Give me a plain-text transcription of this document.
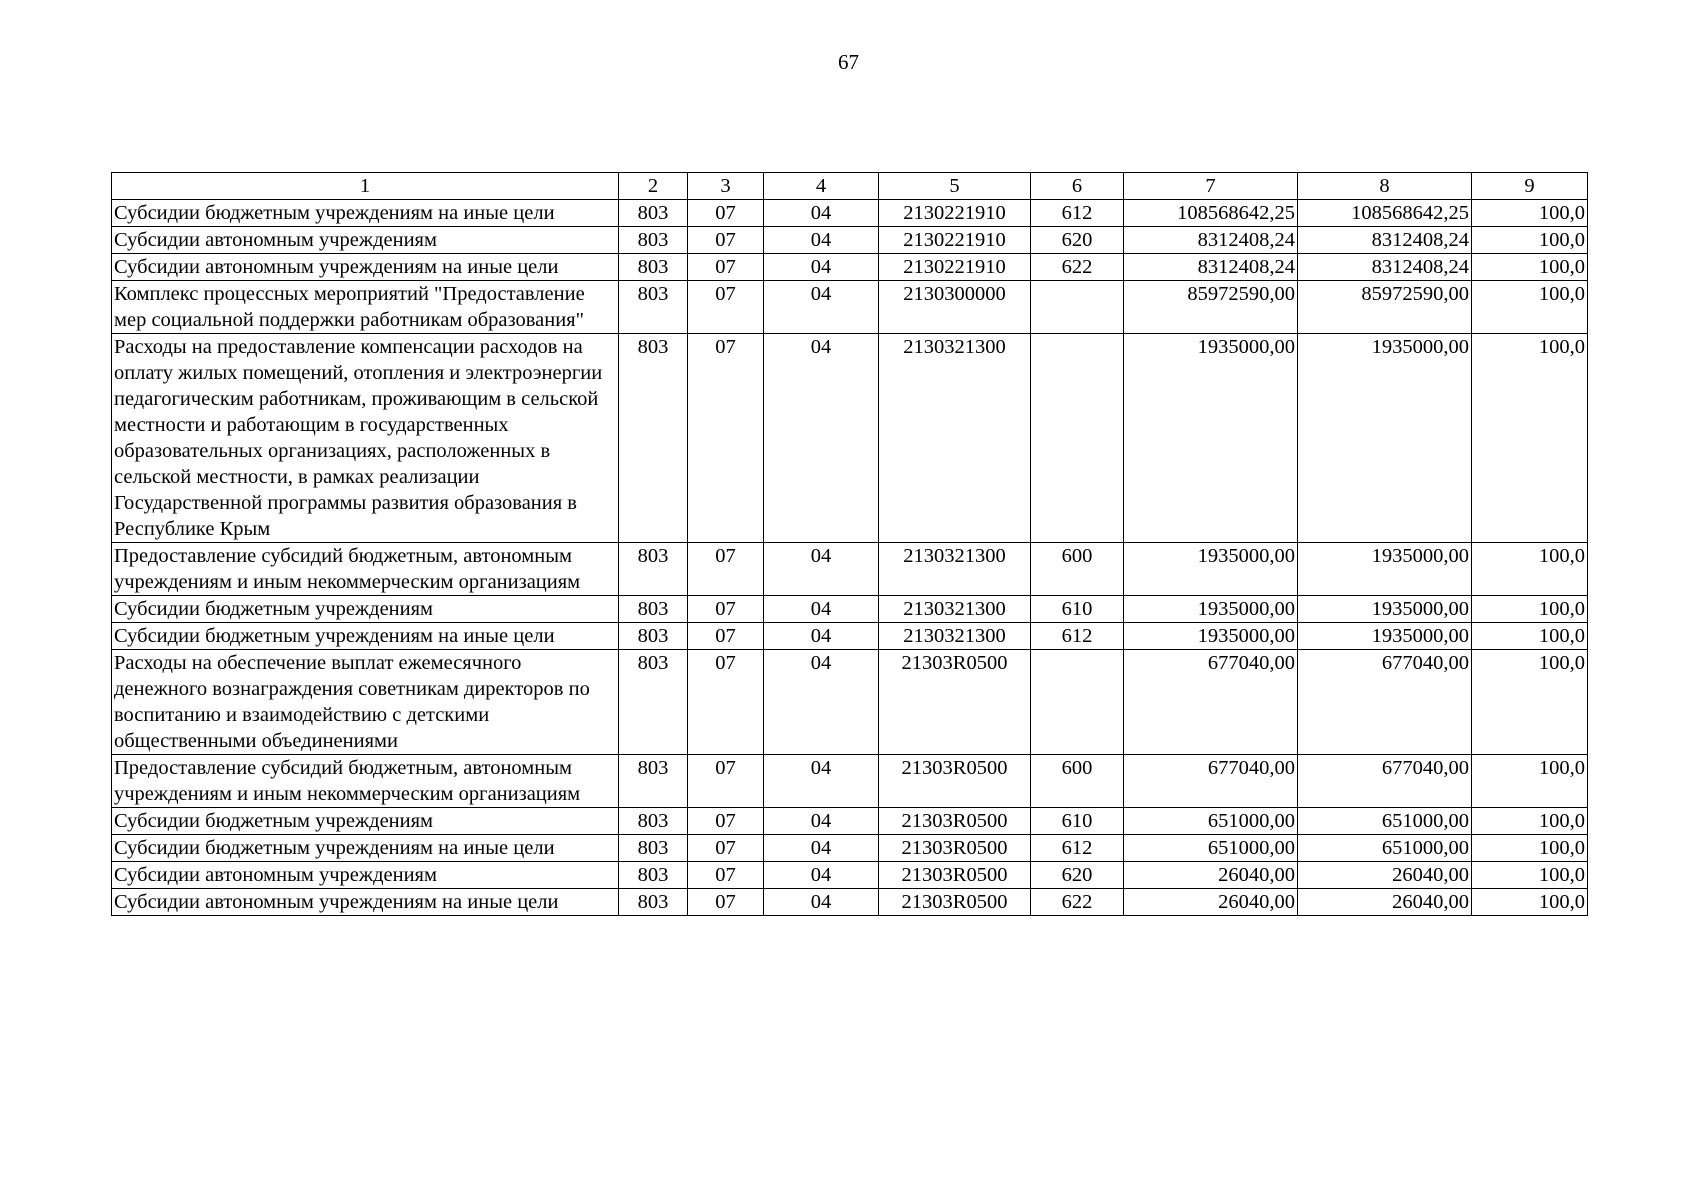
67
1	2	3	4	5	6	7	8	9
Субсидии бюджетным учреждениям на иные цели	803	07	04	2130221910	612	108568642,25	108568642,25	100,0
Субсидии автономным учреждениям	803	07	04	2130221910	620	8312408,24	8312408,24	100,0
Субсидии автономным учреждениям на иные цели	803	07	04	2130221910	622	8312408,24	8312408,24	100,0
Комплекс процессных мероприятий "Предоставление мер социальной поддержки работникам образования"	803	07	04	2130300000		85972590,00	85972590,00	100,0
Расходы на предоставление компенсации расходов на оплату жилых помещений, отопления и электроэнергии педагогическим работникам, проживающим в сельской местности и работающим в государственных образовательных организациях, расположенных в сельской местности, в рамках реализации Государственной программы развития образования в Республике Крым	803	07	04	2130321300		1935000,00	1935000,00	100,0
Предоставление субсидий бюджетным, автономным учреждениям и иным некоммерческим организациям	803	07	04	2130321300	600	1935000,00	1935000,00	100,0
Субсидии бюджетным учреждениям	803	07	04	2130321300	610	1935000,00	1935000,00	100,0
Субсидии бюджетным учреждениям на иные цели	803	07	04	2130321300	612	1935000,00	1935000,00	100,0
Расходы на обеспечение выплат ежемесячного денежного вознаграждения советникам директоров по воспитанию и взаимодействию с детскими общественными объединениями	803	07	04	21303R0500		677040,00	677040,00	100,0
Предоставление субсидий бюджетным, автономным учреждениям и иным некоммерческим организациям	803	07	04	21303R0500	600	677040,00	677040,00	100,0
Субсидии бюджетным учреждениям	803	07	04	21303R0500	610	651000,00	651000,00	100,0
Субсидии бюджетным учреждениям на иные цели	803	07	04	21303R0500	612	651000,00	651000,00	100,0
Субсидии автономным учреждениям	803	07	04	21303R0500	620	26040,00	26040,00	100,0
Субсидии автономным учреждениям на иные цели	803	07	04	21303R0500	622	26040,00	26040,00	100,0
